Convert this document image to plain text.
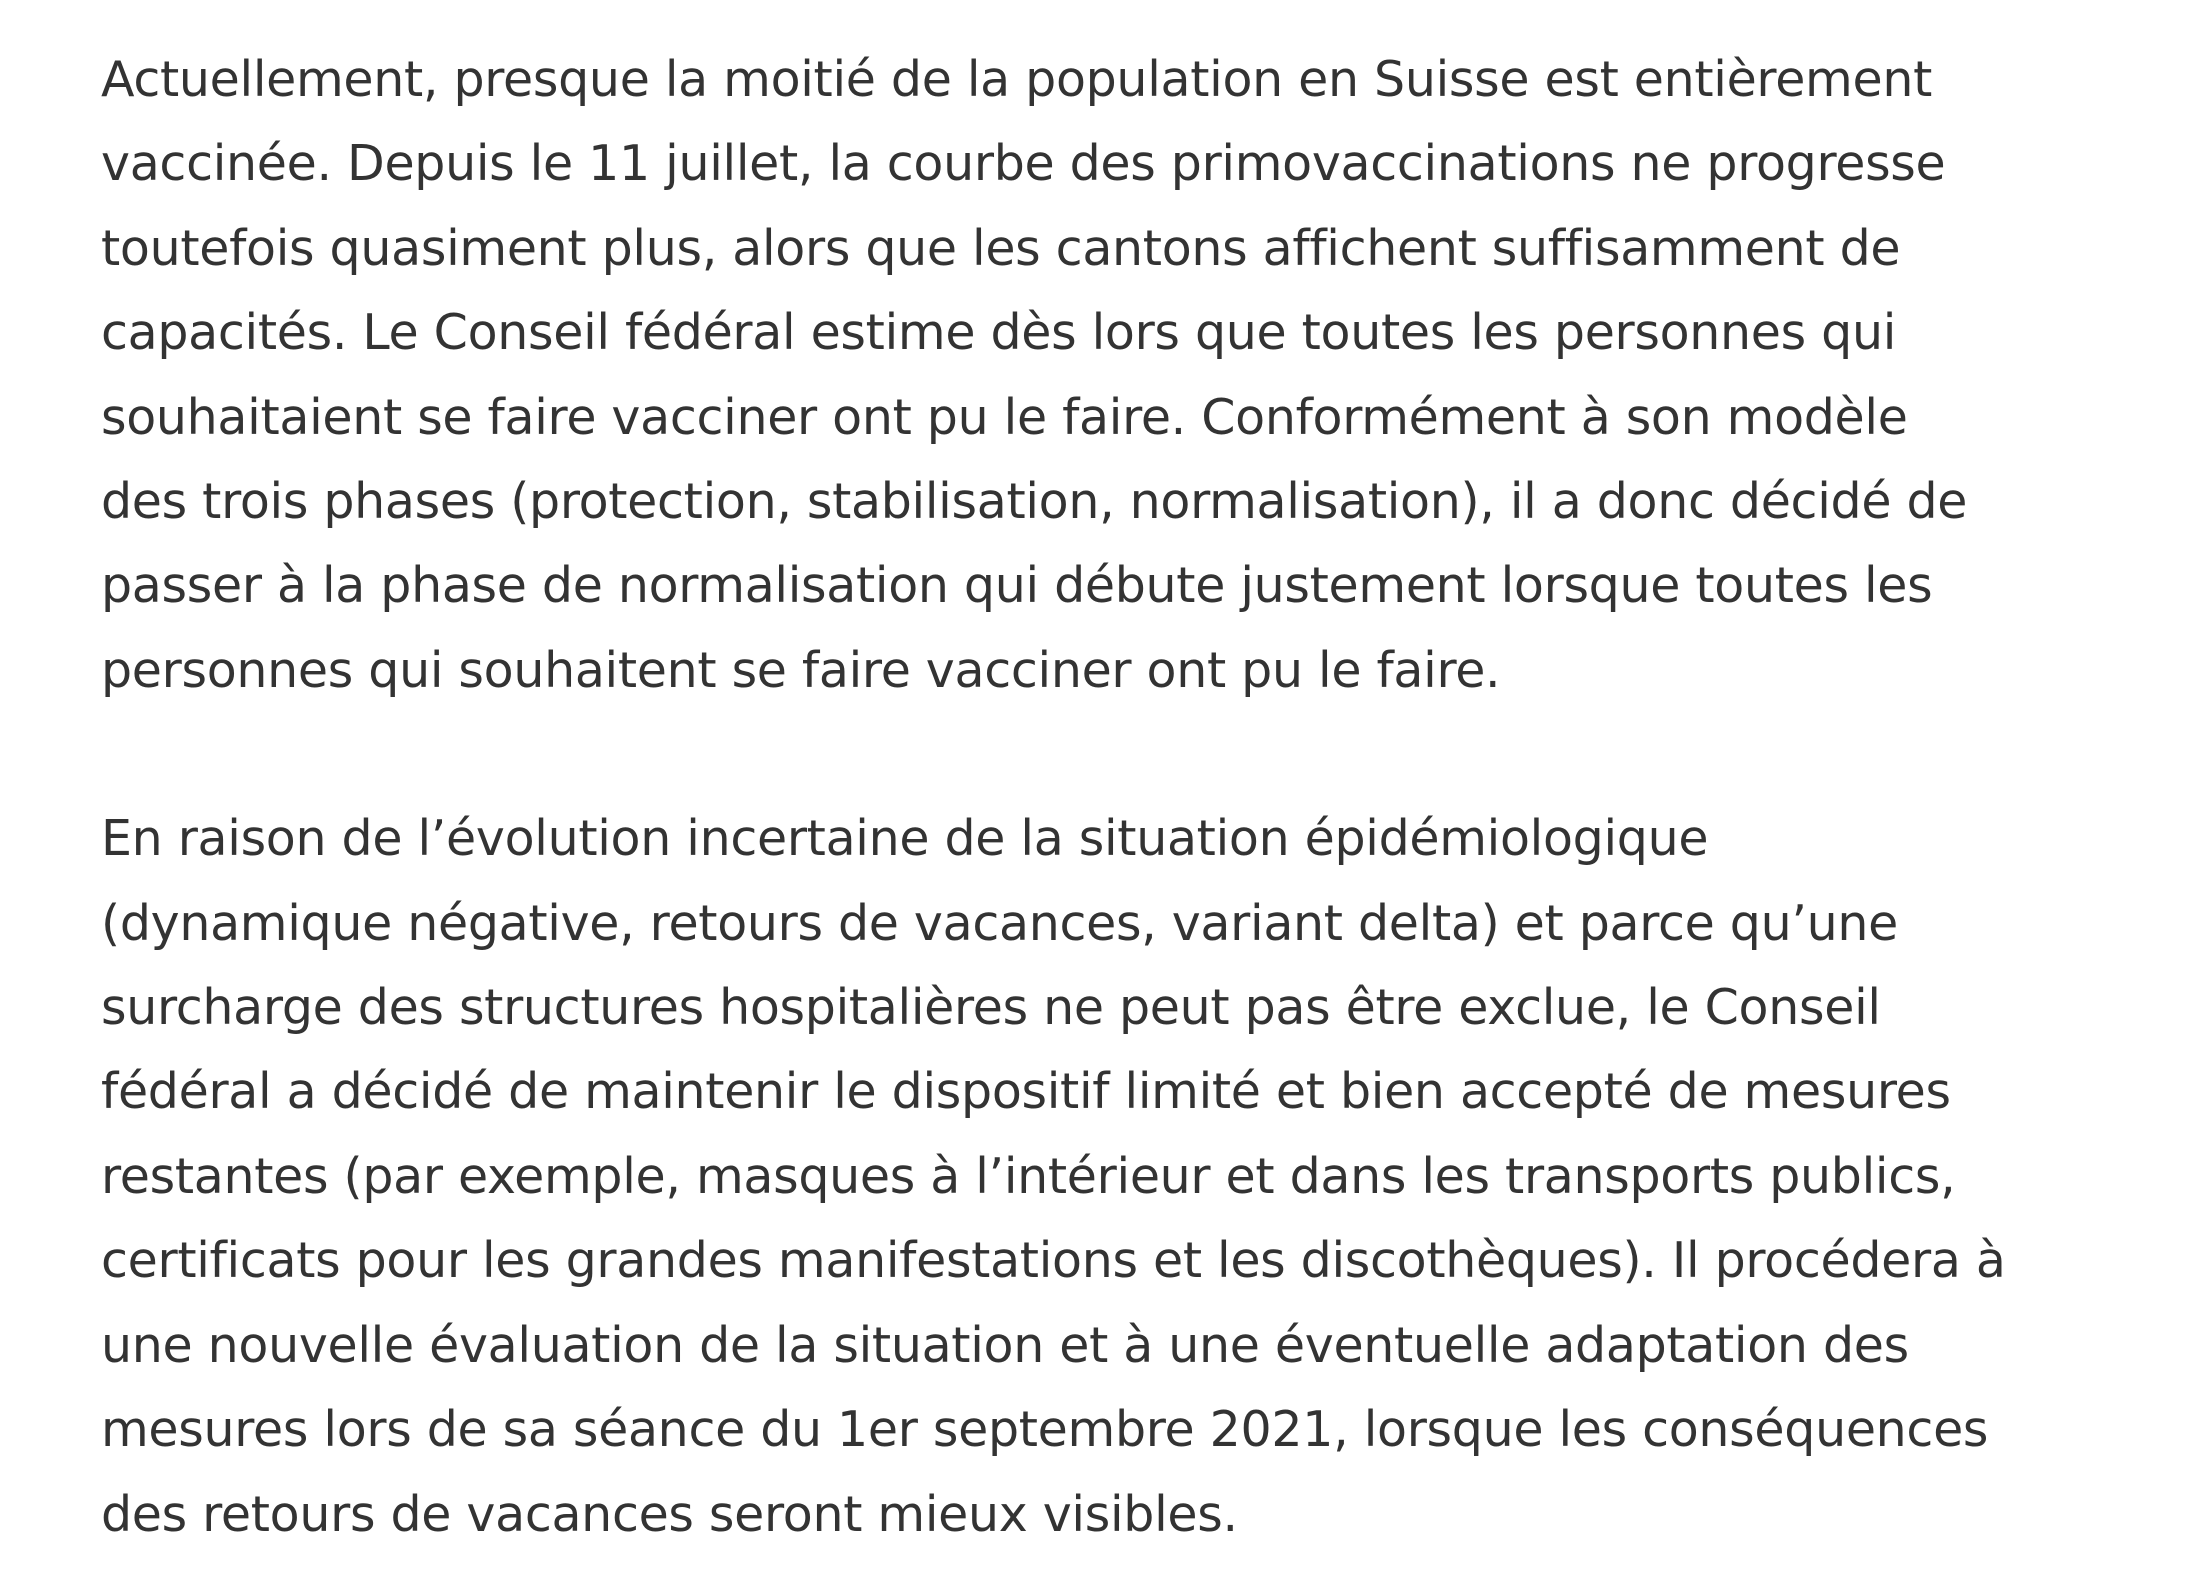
Actuellement, presque la moitié de la population en Suisse est entièrement
vaccinée. Depuis le 11 juillet, la courbe des primovaccinations ne progresse
toutefois quasiment plus, alors que les cantons affichent suffisamment de
capacités. Le Conseil fédéral estime dès lors que toutes les personnes qui
souhaitaient se faire vacciner ont pu le faire. Conformément à son modèle
des trois phases (protection, stabilisation, normalisation), il a donc décidé de
passer à la phase de normalisation qui débute justement lorsque toutes les
personnes qui souhaitent se faire vacciner ont pu le faire.

En raison de l’évolution incertaine de la situation épidémiologique
(dynamique négative, retours de vacances, variant delta) et parce qu’une
surcharge des structures hospitalières ne peut pas être exclue, le Conseil
fédéral a décidé de maintenir le dispositif limité et bien accepté de mesures
restantes (par exemple, masques à l’intérieur et dans les transports publics,
certificats pour les grandes manifestations et les discothèques). Il procédera à
une nouvelle évaluation de la situation et à une éventuelle adaptation des
mesures lors de sa séance du 1er septembre 2021, lorsque les conséquences
des retours de vacances seront mieux visibles.
